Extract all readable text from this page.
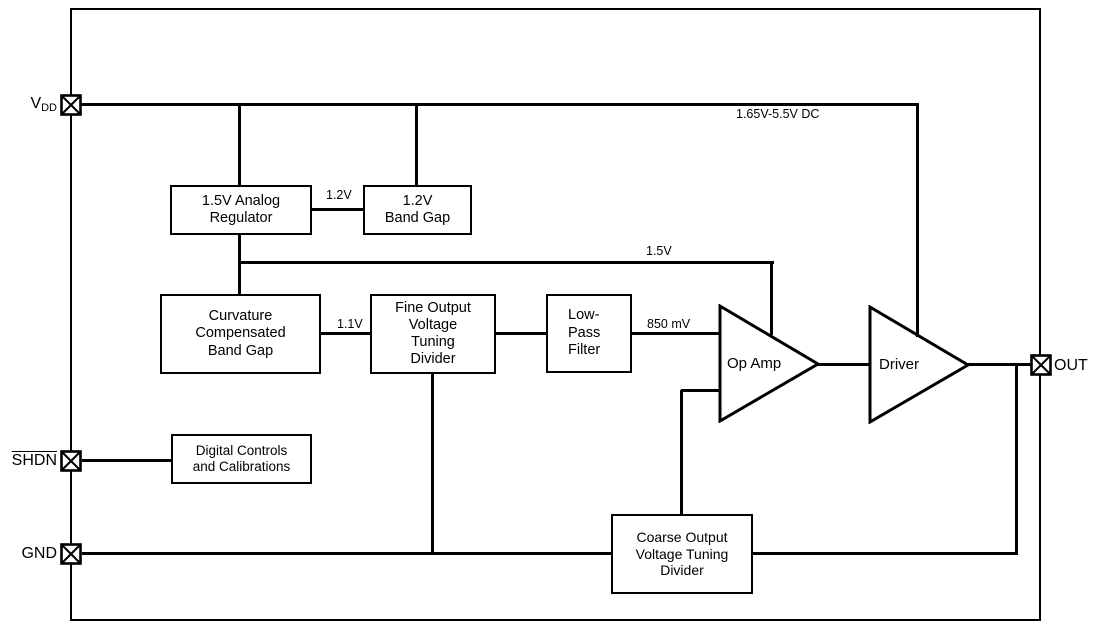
1.5V Analog
Regulator
1.2V
Band Gap
Curvature
Compensated
Band Gap
Fine Output
Voltage
Tuning
Divider
Low-
Pass
Filter
Digital Controls
and Calibrations
Coarse Output
Voltage Tuning
Divider
Op Amp	Driver
$V_{DD}$
SHDN
GND
OUT
1.65V-5.5V DC
1.2V
1.5V
1.1V	850 mV
